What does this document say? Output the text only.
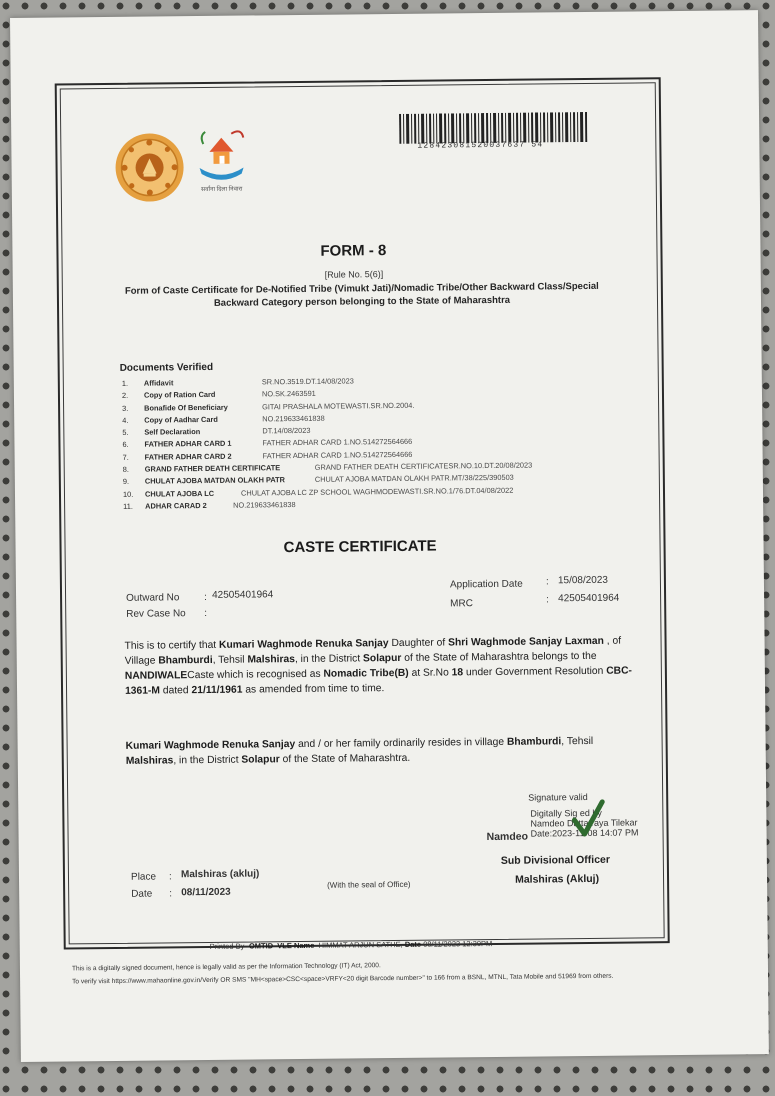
सर्वांना दिला निवारा
128423081520037637 54
FORM - 8
[Rule No. 5(6)]
Form of Caste Certificate for De-Notified Tribe (Vimukt Jati)/Nomadic Tribe/Other Backward Class/Special Backward Category person belonging to the State of Maharashtra
Documents Verified
1. Affidavit	SR.NO.3519.DT.14/08/2023
2. Copy of Ration Card	NO.SK.2463591
3. Bonafide Of Beneficiary	GITAI PRASHALA MOTEWASTI.SR.NO.2004.
4. Copy of Aadhar Card	NO.219633461838
5. Self Declaration	DT.14/08/2023
6. FATHER ADHAR CARD 1	FATHER ADHAR CARD 1.NO.514272564666
7. FATHER ADHAR CARD 2	FATHER ADHAR CARD 1.NO.514272564666
8. GRAND FATHER DEATH CERTIFICATE	GRAND FATHER DEATH CERTIFICATESR.NO.10.DT.20/08/2023
9. CHULAT AJOBA MATDAN OLAKH PATR	CHULAT AJOBA MATDAN OLAKH PATR.MT/38/225/390503
10. CHULAT AJOBA LC	CHULAT AJOBA LC ZP SCHOOL WAGHMODEWASTI.SR.NO.1/76.DT.04/08/2022
11. ADHAR CARAD 2	NO.219633461838
CASTE CERTIFICATE
Outward No : 42505401964
Rev Case No :
Application Date : 15/08/2023
MRC	: 42505401964
This is to certify that Kumari Waghmode Renuka Sanjay Daughter of Shri Waghmode Sanjay Laxman , of Village Bhamburdi, Tehsil Malshiras, in the District Solapur of the State of Maharashtra belongs to the NANDIWALECaste which is recognised as Nomadic Tribe(B) at Sr.No 18 under Government Resolution CBC-1361-M dated 21/11/1961 as amended from time to time.
Kumari Waghmode Renuka Sanjay and / or her family ordinarily resides in village Bhamburdi, Tehsil Malshiras, in the District Solapur of the State of Maharashtra.
Signature valid
Digitally Sig ed by
Namdeo Dattatraya Tilekar
Date:2023-11-08 14:07 PM
Namdeo
Sub Divisional Officer
Malshiras (Akluj)
Place : Malshiras (akluj)
Date : 08/11/2023
(With the seal of Office)
Printed By -OMTID VLE Name HIMMAT ARJUN SATHE, Date 08/11/2023 12:30PM
This is a digitally signed document, hence is legally valid as per the Information Technology (IT) Act, 2000.
To verify visit https://www.mahaonline.gov.in/Verify OR SMS "MH<space>CSC<space>VRFY<20 digit Barcode number>" to 166 from a BSNL, MTNL, Tata Mobile and 51969 from others.
